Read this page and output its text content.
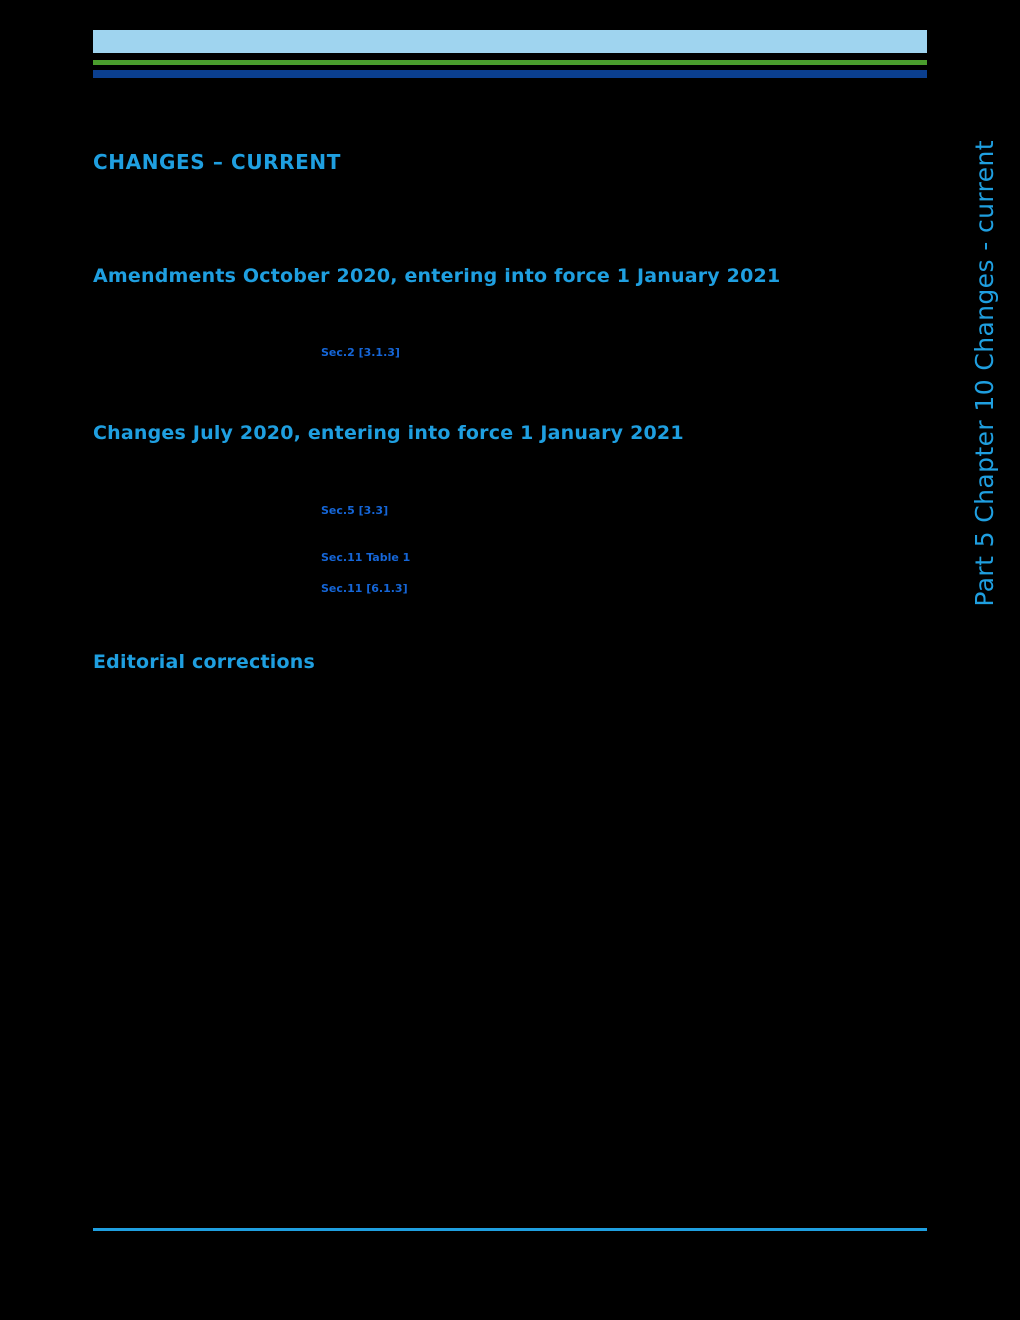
Part 5 Chapter 10 Changes - current
CHANGES – CURRENT
Amendments October 2020, entering into force 1 January 2021
Sec.2 [3.1.3]
Changes July 2020, entering into force 1 January 2021
Sec.5 [3.3]
Sec.11 Table 1
Sec.11 [6.1.3]
Editorial corrections
